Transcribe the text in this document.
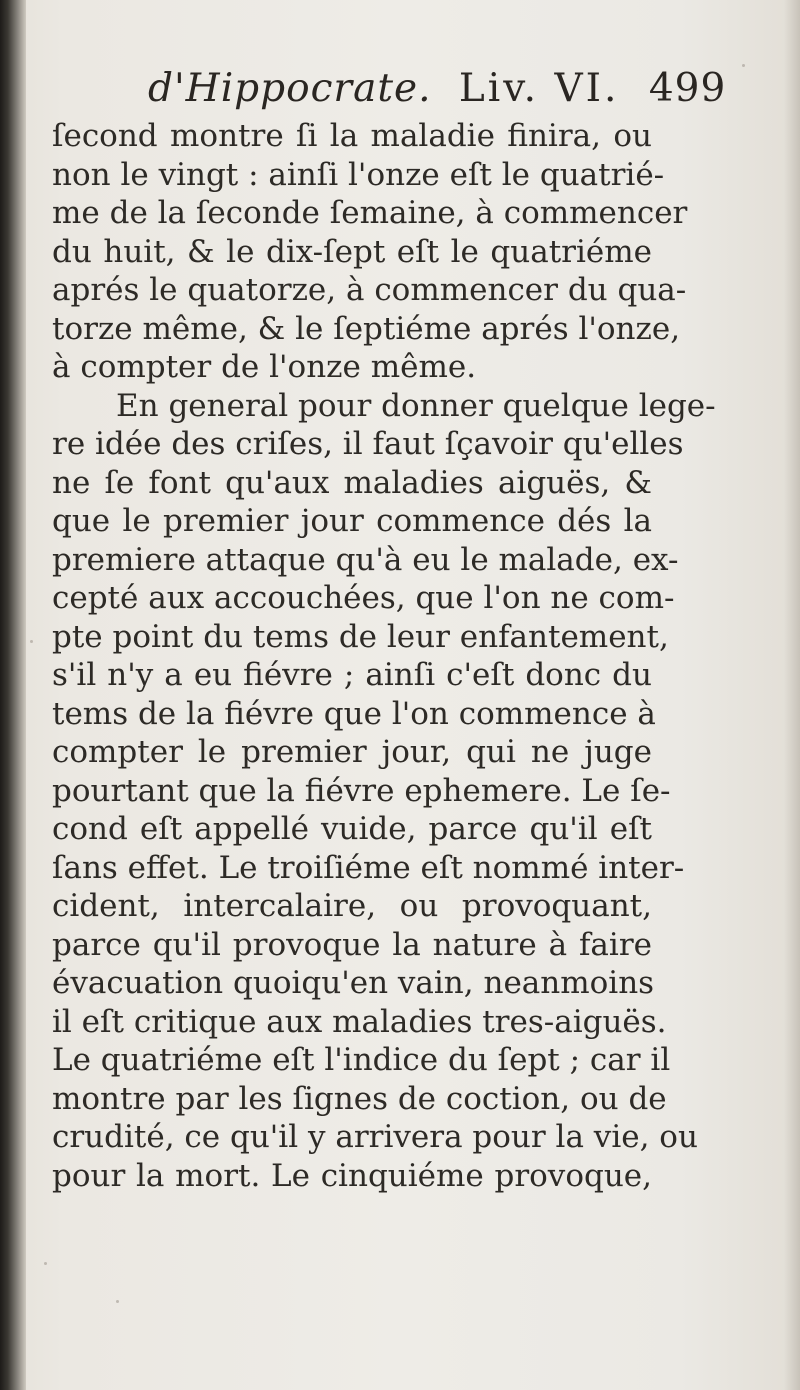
d'Hippocrate. Liv. VI. 499
ſecond montre ſi la maladie finira, ou
non le vingt : ainſi l'onze eſt le quatrié-
me de la ſeconde ſemaine, à commencer
du huit, & le dix-ſept eſt le quatriéme
aprés le quatorze, à commencer du qua-
torze même, & le ſeptiéme aprés l'onze,
à compter de l'onze même.
En general pour donner quelque lege-
re idée des criſes, il faut ſçavoir qu'elles
ne ſe font qu'aux maladies aiguës, &
que le premier jour commence dés la
premiere attaque qu'à eu le malade, ex-
cepté aux accouchées, que l'on ne com-
pte point du tems de leur enfantement,
s'il n'y a eu fiévre ; ainſi c'eſt donc du
tems de la fiévre que l'on commence à
compter le premier jour, qui ne juge
pourtant que la fiévre ephemere. Le ſe-
cond eſt appellé vuide, parce qu'il eſt
ſans effet. Le troiſiéme eſt nommé inter-
cident, intercalaire, ou provoquant,
parce qu'il provoque la nature à faire
évacuation quoiqu'en vain, neanmoins
il eſt critique aux maladies tres-aiguës.
Le quatriéme eſt l'indice du ſept ; car il
montre par les ſignes de coction, ou de
crudité, ce qu'il y arrivera pour la vie, ou
pour la mort. Le cinquiéme provoque,
